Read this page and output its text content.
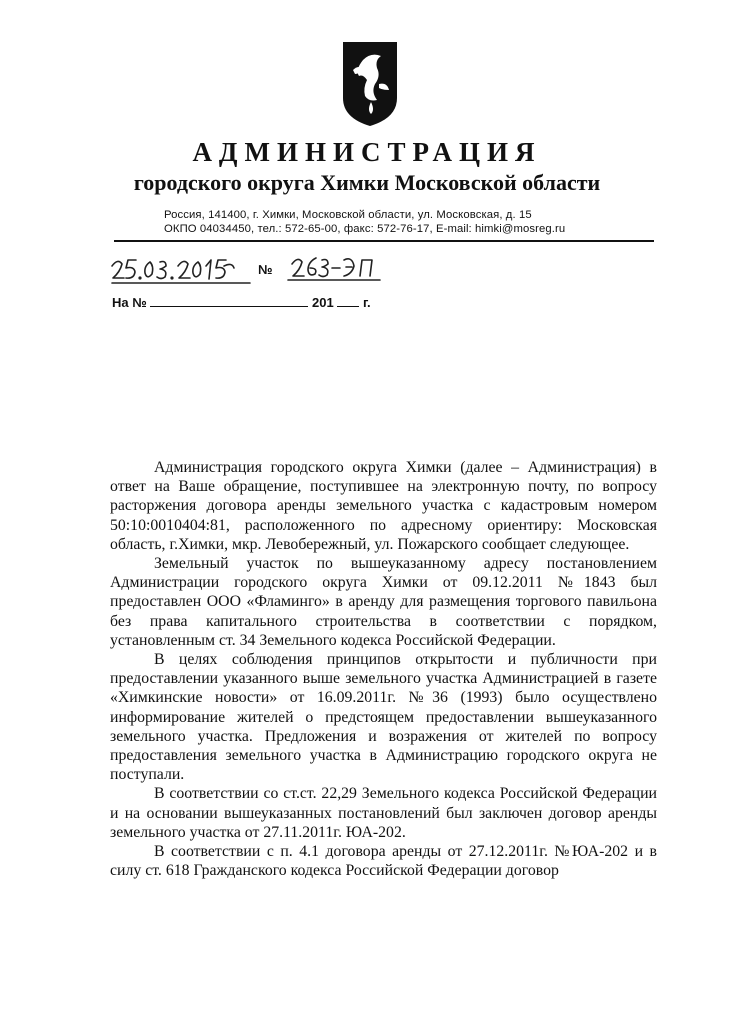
АДМИНИСТРАЦИЯ
городского округа Химки Московской области
Россия, 141400, г. Химки, Московской области, ул. Московская, д. 15
ОКПО 04034450, тел.: 572-65-00, факс: 572-76-17, E-mail: himki@mosreg.ru
№
На №	201 г.

Администрация городского округа Химки (далее – Администрация) в ответ на Ваше обращение, поступившее на электронную почту, по вопросу расторжения договора аренды земельного участка с кадастровым номером 50:10:0010404:81, расположенного по адресному ориентиру: Московская область, г.Химки, мкр. Левобережный, ул. Пожарского сообщает следующее.

Земельный участок по вышеуказанному адресу постановлением Администрации городского округа Химки от 09.12.2011 №1843 был предоставлен ООО «Фламинго» в аренду для размещения торгового павильона без права капитального строительства в соответствии с порядком, установленным ст. 34 Земельного кодекса Российской Федерации.

В целях соблюдения принципов открытости и публичности при предоставлении указанного выше земельного участка Администрацией в газете «Химкинские новости» от 16.09.2011г. №36 (1993) было осуществлено информирование жителей о предстоящем предоставлении вышеуказанного земельного участка. Предложения и возражения от жителей по вопросу предоставления земельного участка в Администрацию городского округа не поступали.

В соответствии со ст.ст. 22,29 Земельного кодекса Российской Федерации и на основании вышеуказанных постановлений был заключен договор аренды земельного участка от 27.11.2011г. ЮА-202.

В соответствии с п. 4.1 договора аренды от 27.12.2011г. №ЮА-202 и в силу ст. 618 Гражданского кодекса Российской Федерации договор
